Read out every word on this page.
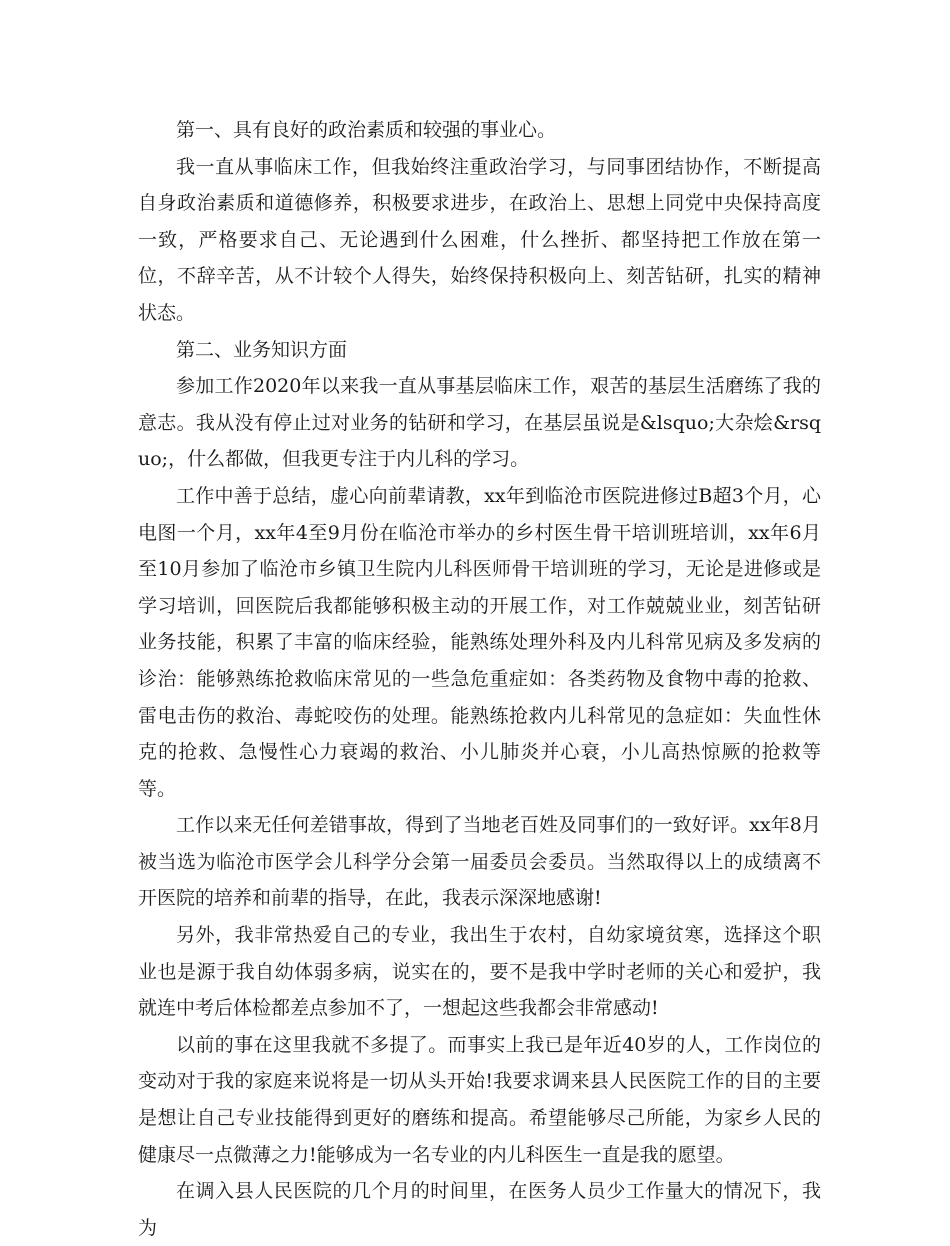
第一、具有良好的政治素质和较强的事业心。

我一直从事临床工作，但我始终注重政治学习，与同事团结协作，不断提高自身政治素质和道德修养，积极要求进步，在政治上、思想上同党中央保持高度一致，严格要求自己、无论遇到什么困难，什么挫折、都坚持把工作放在第一位，不辞辛苦，从不计较个人得失，始终保持积极向上、刻苦钻研，扎实的精神状态。

第二、业务知识方面

参加工作2020年以来我一直从事基层临床工作，艰苦的基层生活磨练了我的意志。我从没有停止过对业务的钻研和学习，在基层虽说是&lsquo;大杂烩&rsquo;，什么都做，但我更专注于内儿科的学习。

工作中善于总结，虚心向前辈请教，xx年到临沧市医院进修过B超3个月，心电图一个月，xx年4至9月份在临沧市举办的乡村医生骨干培训班培训，xx年6月至10月参加了临沧市乡镇卫生院内儿科医师骨干培训班的学习，无论是进修或是学习培训，回医院后我都能够积极主动的开展工作，对工作兢兢业业，刻苦钻研业务技能，积累了丰富的临床经验，能熟练处理外科及内儿科常见病及多发病的诊治：能够熟练抢救临床常见的一些急危重症如：各类药物及食物中毒的抢救、雷电击伤的救治、毒蛇咬伤的处理。能熟练抢救内儿科常见的急症如：失血性休克的抢救、急慢性心力衰竭的救治、小儿肺炎并心衰，小儿高热惊厥的抢救等等。

工作以来无任何差错事故，得到了当地老百姓及同事们的一致好评。xx年8月被当选为临沧市医学会儿科学分会第一届委员会委员。当然取得以上的成绩离不开医院的培养和前辈的指导，在此，我表示深深地感谢!

另外，我非常热爱自己的专业，我出生于农村，自幼家境贫寒，选择这个职业也是源于我自幼体弱多病，说实在的，要不是我中学时老师的关心和爱护，我就连中考后体检都差点参加不了，一想起这些我都会非常感动!

以前的事在这里我就不多提了。而事实上我已是年近40岁的人，工作岗位的变动对于我的家庭来说将是一切从头开始!我要求调来县人民医院工作的目的主要是想让自己专业技能得到更好的磨练和提高。希望能够尽己所能，为家乡人民的健康尽一点微薄之力!能够成为一名专业的内儿科医生一直是我的愿望。

在调入县人民医院的几个月的时间里，在医务人员少工作量大的情况下，我为
